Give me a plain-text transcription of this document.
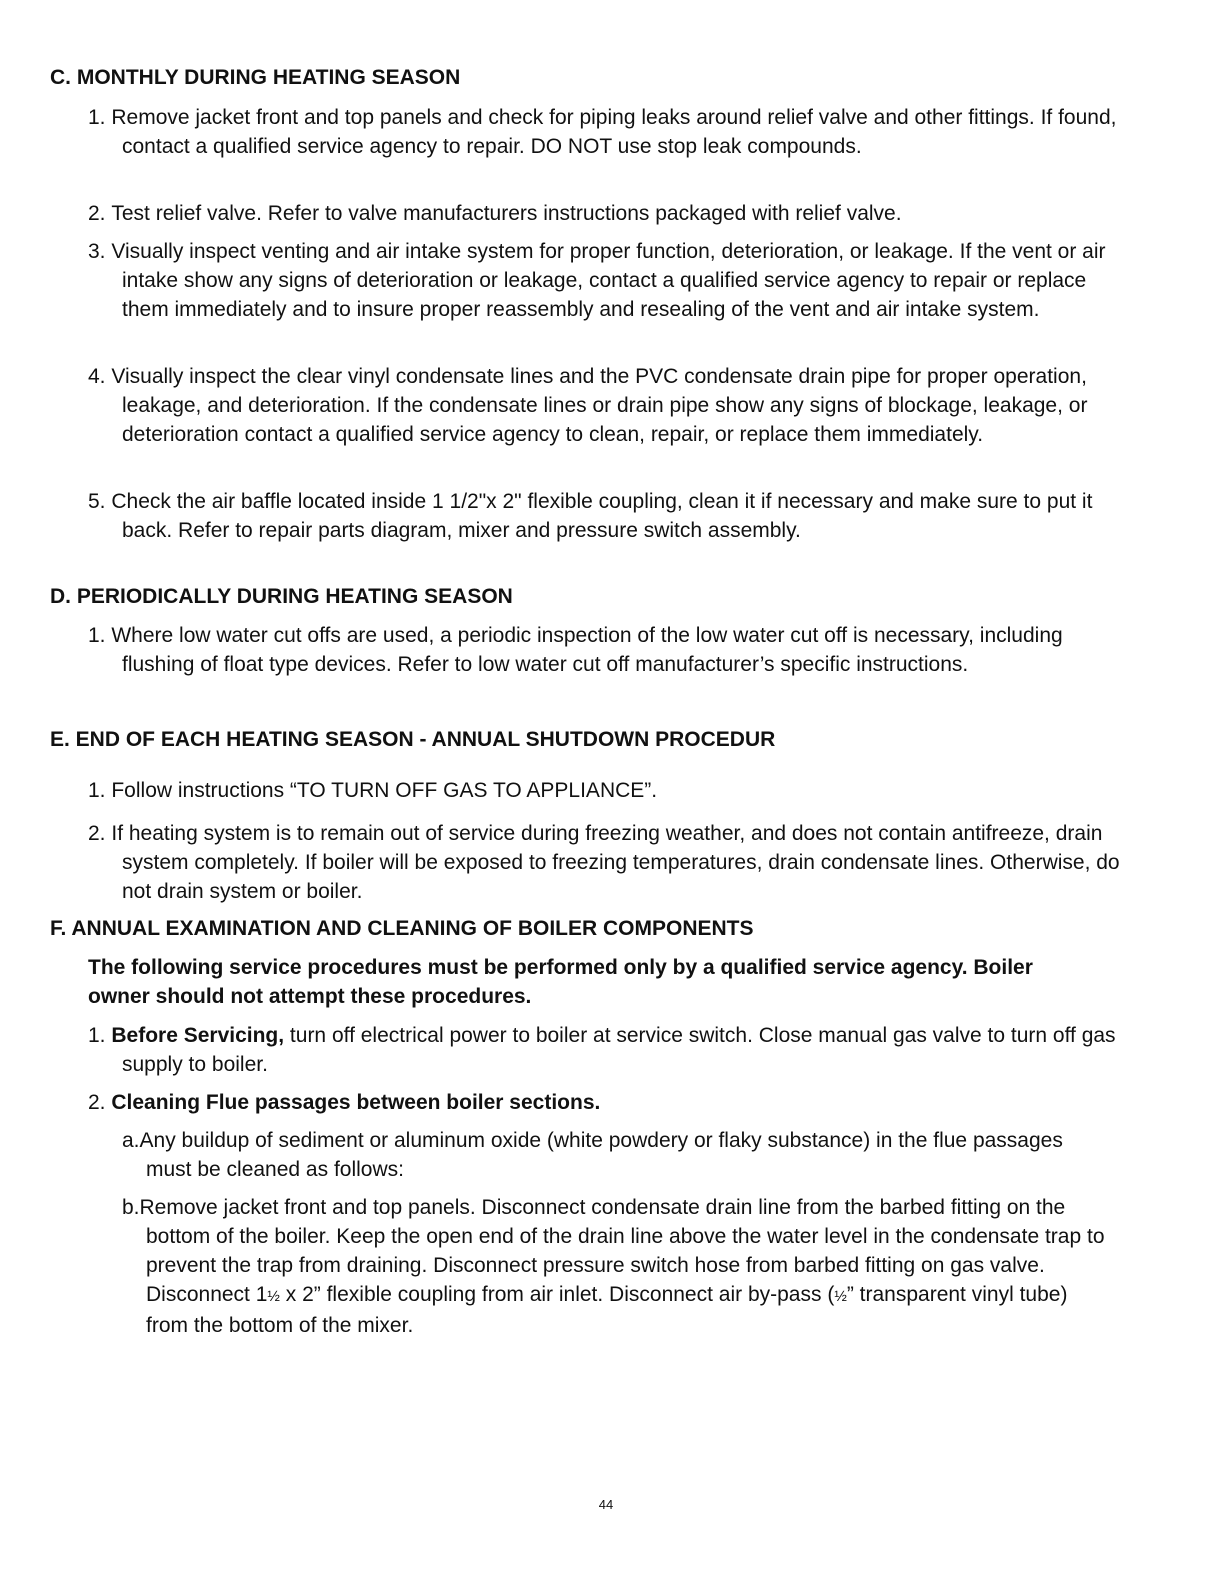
C. MONTHLY DURING HEATING SEASON

1. Remove jacket front and top panels and check for piping leaks around relief valve and other fittings. If found, contact a qualified service agency to repair. DO NOT use stop leak compounds.

2. Test relief valve. Refer to valve manufacturers instructions packaged with relief valve.

3. Visually inspect venting and air intake system for proper function, deterioration, or leakage. If the vent or air intake show any signs of deterioration or leakage, contact a qualified service agency to repair or replace them immediately and to insure proper reassembly and resealing of the vent and air intake system.

4. Visually inspect the clear vinyl condensate lines and the PVC condensate drain pipe for proper operation, leakage, and deterioration. If the condensate lines or drain pipe show any signs of blockage, leakage, or deterioration contact a qualified service agency to clean, repair, or replace them immediately.

5. Check the air baffle located inside 1 1/2"x 2" flexible coupling, clean it if necessary and make sure to put it back. Refer to repair parts diagram, mixer and pressure switch assembly.

D. PERIODICALLY DURING HEATING SEASON

1. Where low water cut offs are used, a periodic inspection of the low water cut off is necessary, including flushing of float type devices. Refer to low water cut off manufacturer’s specific instructions.

E. END OF EACH HEATING SEASON - ANNUAL SHUTDOWN PROCEDUR

1. Follow instructions “TO TURN OFF GAS TO APPLIANCE”.

2. If heating system is to remain out of service during freezing weather, and does not contain antifreeze, drain system completely. If boiler will be exposed to freezing temperatures, drain condensate lines. Otherwise, do not drain system or boiler.

F. ANNUAL EXAMINATION AND CLEANING OF BOILER COMPONENTS

The following service procedures must be performed only by a qualified service agency. Boiler owner should not attempt these procedures.

1. Before Servicing, turn off electrical power to boiler at service switch. Close manual gas valve to turn off gas supply to boiler.

2. Cleaning Flue passages between boiler sections.

a.Any buildup of sediment or aluminum oxide (white powdery or flaky substance) in the flue passages must be cleaned as follows:

b.Remove jacket front and top panels. Disconnect condensate drain line from the barbed fitting on the bottom of the boiler. Keep the open end of the drain line above the water level in the condensate trap to prevent the trap from draining. Disconnect pressure switch hose from barbed fitting on gas valve. Disconnect 1½ x 2” flexible coupling from air inlet. Disconnect air by-pass (½” transparent vinyl tube) from the bottom of the mixer.

44
